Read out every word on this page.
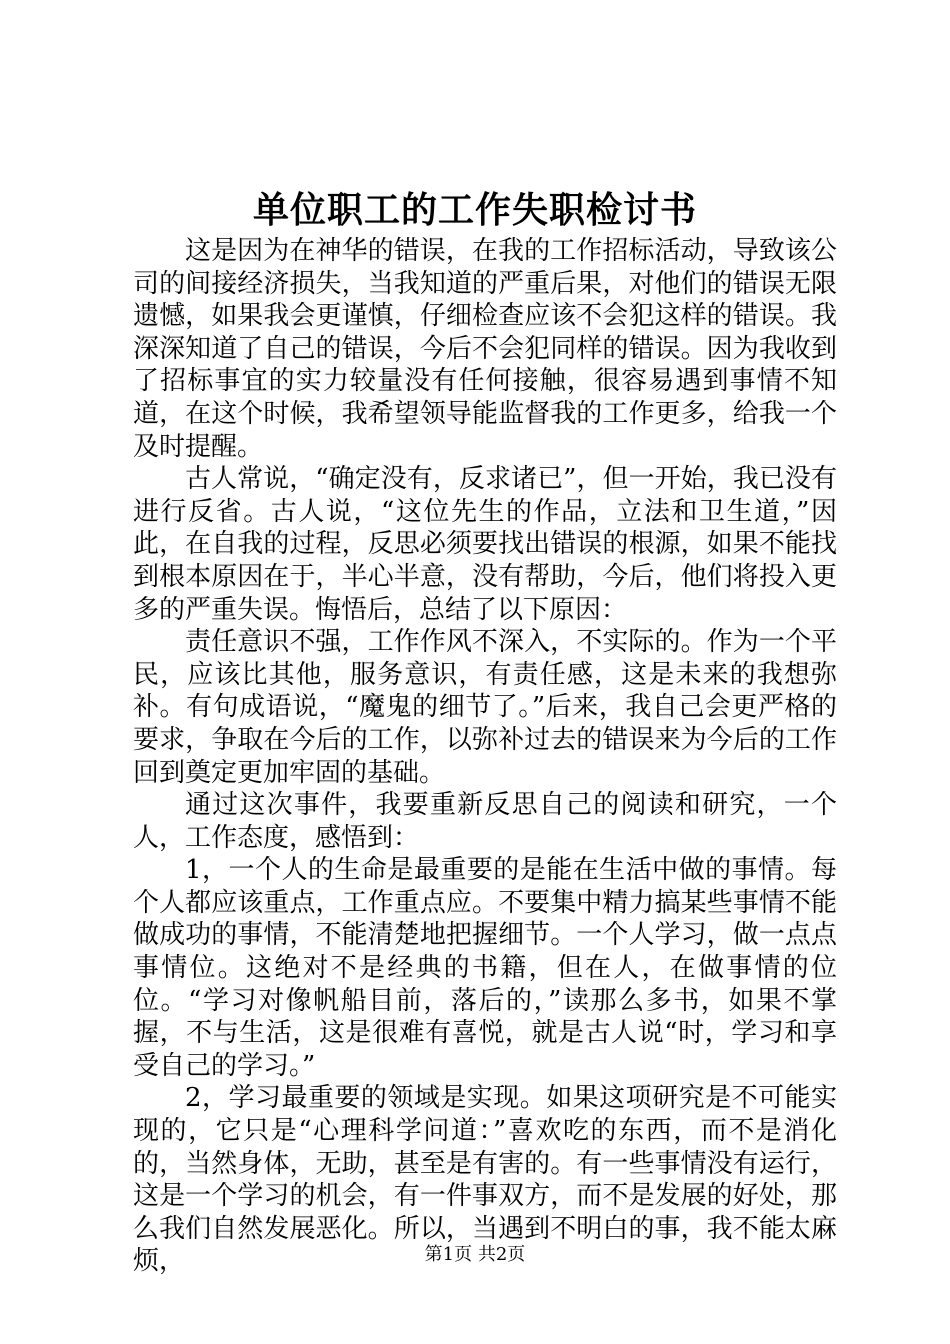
单位职工的工作失职检讨书

这是因为在神华的错误，在我的工作招标活动，导致该公司的间接经济损失，当我知道的严重后果，对他们的错误无限遗憾，如果我会更谨慎，仔细检查应该不会犯这样的错误。我深深知道了自己的错误，今后不会犯同样的错误。因为我收到了招标事宜的实力较量没有任何接触，很容易遇到事情不知道，在这个时候，我希望领导能监督我的工作更多，给我一个及时提醒。

古人常说，“确定没有，反求诸已”，但一开始，我已没有进行反省。古人说，“这位先生的作品，立法和卫生道，”因此，在自我的过程，反思必须要找出错误的根源，如果不能找到根本原因在于，半心半意，没有帮助，今后，他们将投入更多的严重失误。悔悟后，总结了以下原因：

责任意识不强，工作作风不深入，不实际的。作为一个平民，应该比其他，服务意识，有责任感，这是未来的我想弥补。有句成语说，“魔鬼的细节了。”后来，我自己会更严格的要求，争取在今后的工作，以弥补过去的错误来为今后的工作回到奠定更加牢固的基础。

通过这次事件，我要重新反思自己的阅读和研究，一个人，工作态度，感悟到：

1，一个人的生命是最重要的是能在生活中做的事情。每个人都应该重点，工作重点应。不要集中精力搞某些事情不能做成功的事情，不能清楚地把握细节。一个人学习，做一点点事情位。这绝对不是经典的书籍，但在人，在做事情的位位。“学习对像帆船目前，落后的，”读那么多书，如果不掌握，不与生活，这是很难有喜悦，就是古人说“时，学习和享受自己的学习。”

2，学习最重要的领域是实现。如果这项研究是不可能实现的，它只是“心理科学问道：”喜欢吃的东西，而不是消化的，当然身体，无助，甚至是有害的。有一些事情没有运行，这是一个学习的机会，有一件事双方，而不是发展的好处，那么我们自然发展恶化。所以，当遇到不明白的事，我不能太麻烦，	第1页 共2页
